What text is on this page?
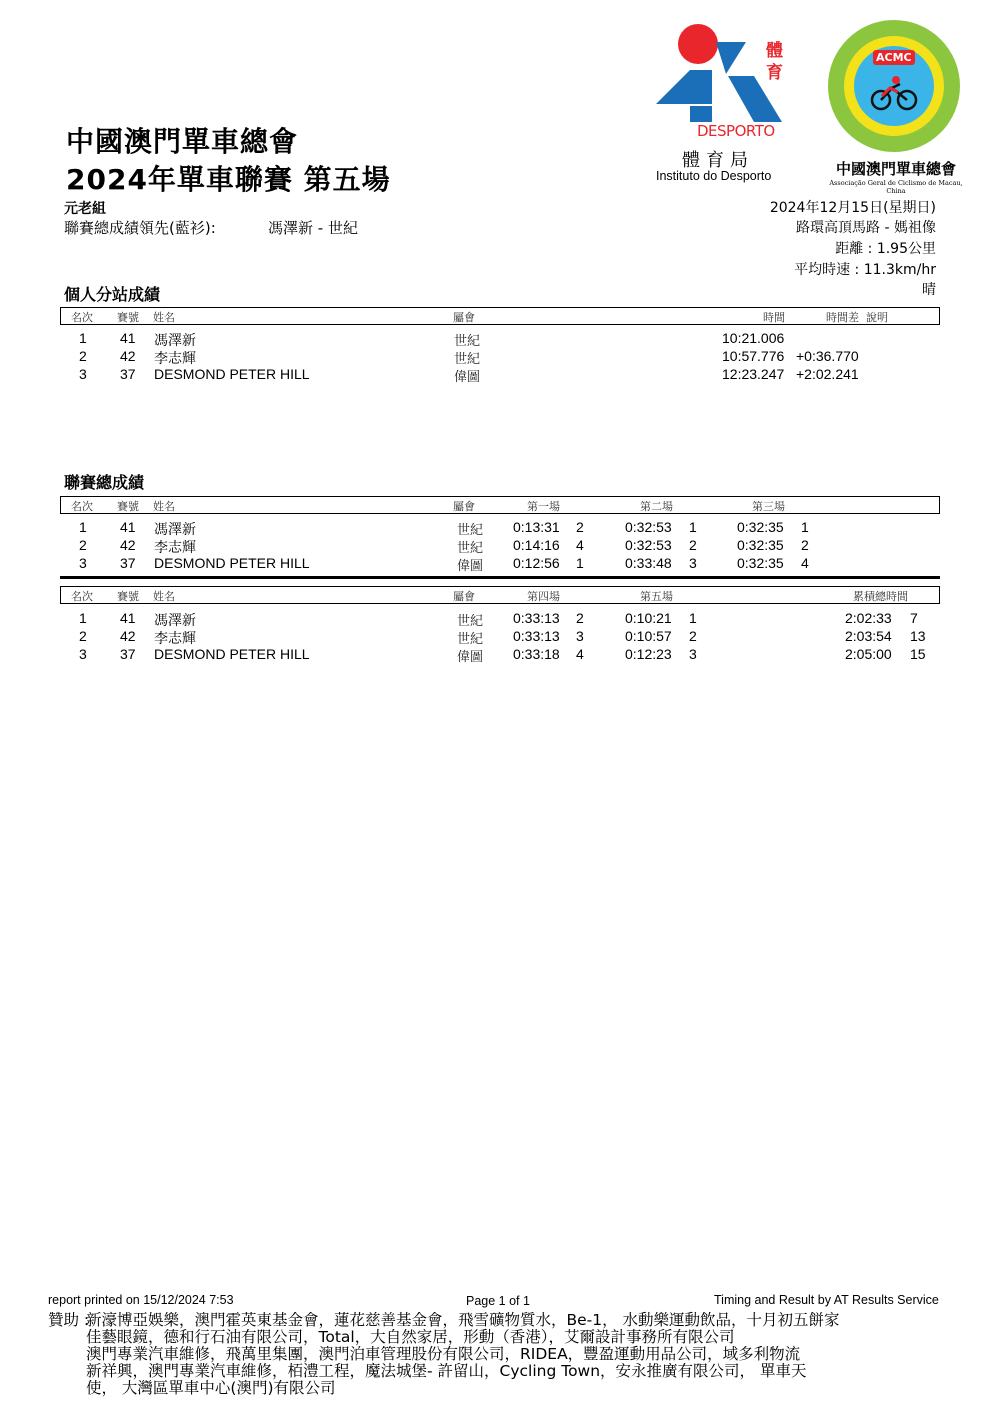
中國澳門單車總會
2024年單車聯賽 第五場
元老組
聯賽總成績領先(藍衫):	馮澤新 - 世紀
體
育
DESPORTO
體育局
Instituto do Desporto
ACMC
中國澳門單車總會
Associação Geral de Ciclismo de Macau, China
2024年12月15日(星期日)
路環高頂馬路 - 媽祖像
距離 : 1.95公里
平均時速 : 11.3km/hr
晴
個人分站成績
名次 賽號 姓名	屬會	時間	時間差 說明
1 41 馮澤新	世紀	10:21.006
2 42 李志輝	世紀	10:57.776 +0:36.770
3 37 DESMOND PETER HILL	偉圖	12:23.247 +2:02.241
聯賽總成績
名次 賽號 姓名	屬會	第一場	第二場	第三場
1 41 馮澤新	世紀 0:13:31 2	0:32:53 1	0:32:35 1
2 42 李志輝	世紀 0:14:16 4	0:32:53 2	0:32:35 2
3 37 DESMOND PETER HILL	偉圖 0:12:56 1	0:33:48 3	0:32:35 4
名次 賽號 姓名	屬會	第四場	第五場	累積總時間
1 41 馮澤新	世紀 0:33:13 2	0:10:21 1	2:02:33 7
2 42 李志輝	世紀 0:33:13 3	0:10:57 2	2:03:54 13
3 37 DESMOND PETER HILL	偉圖 0:33:18 4	0:12:23 3	2:05:00 15
report printed on 15/12/2024 7:53	Page 1 of 1	Timing and Result by AT Results Service
贊助 :
新濠博亞娛樂，澳門霍英東基金會，蓮花慈善基金會，飛雪礦物質水，Be-1， 水動樂運動飲品，十月初五餅家
佳藝眼鏡，德和行石油有限公司，Total，大自然家居，形動（香港），艾爾設計事務所有限公司
澳門專業汽車維修，飛萬里集團，澳門泊車管理股份有限公司，RIDEA，豐盈運動用品公司，域多利物流
新祥興，澳門專業汽車維修，栢澧工程，魔法城堡- 許留山，Cycling Town，安永推廣有限公司， 單車天
使， 大灣區單車中心(澳門)有限公司
